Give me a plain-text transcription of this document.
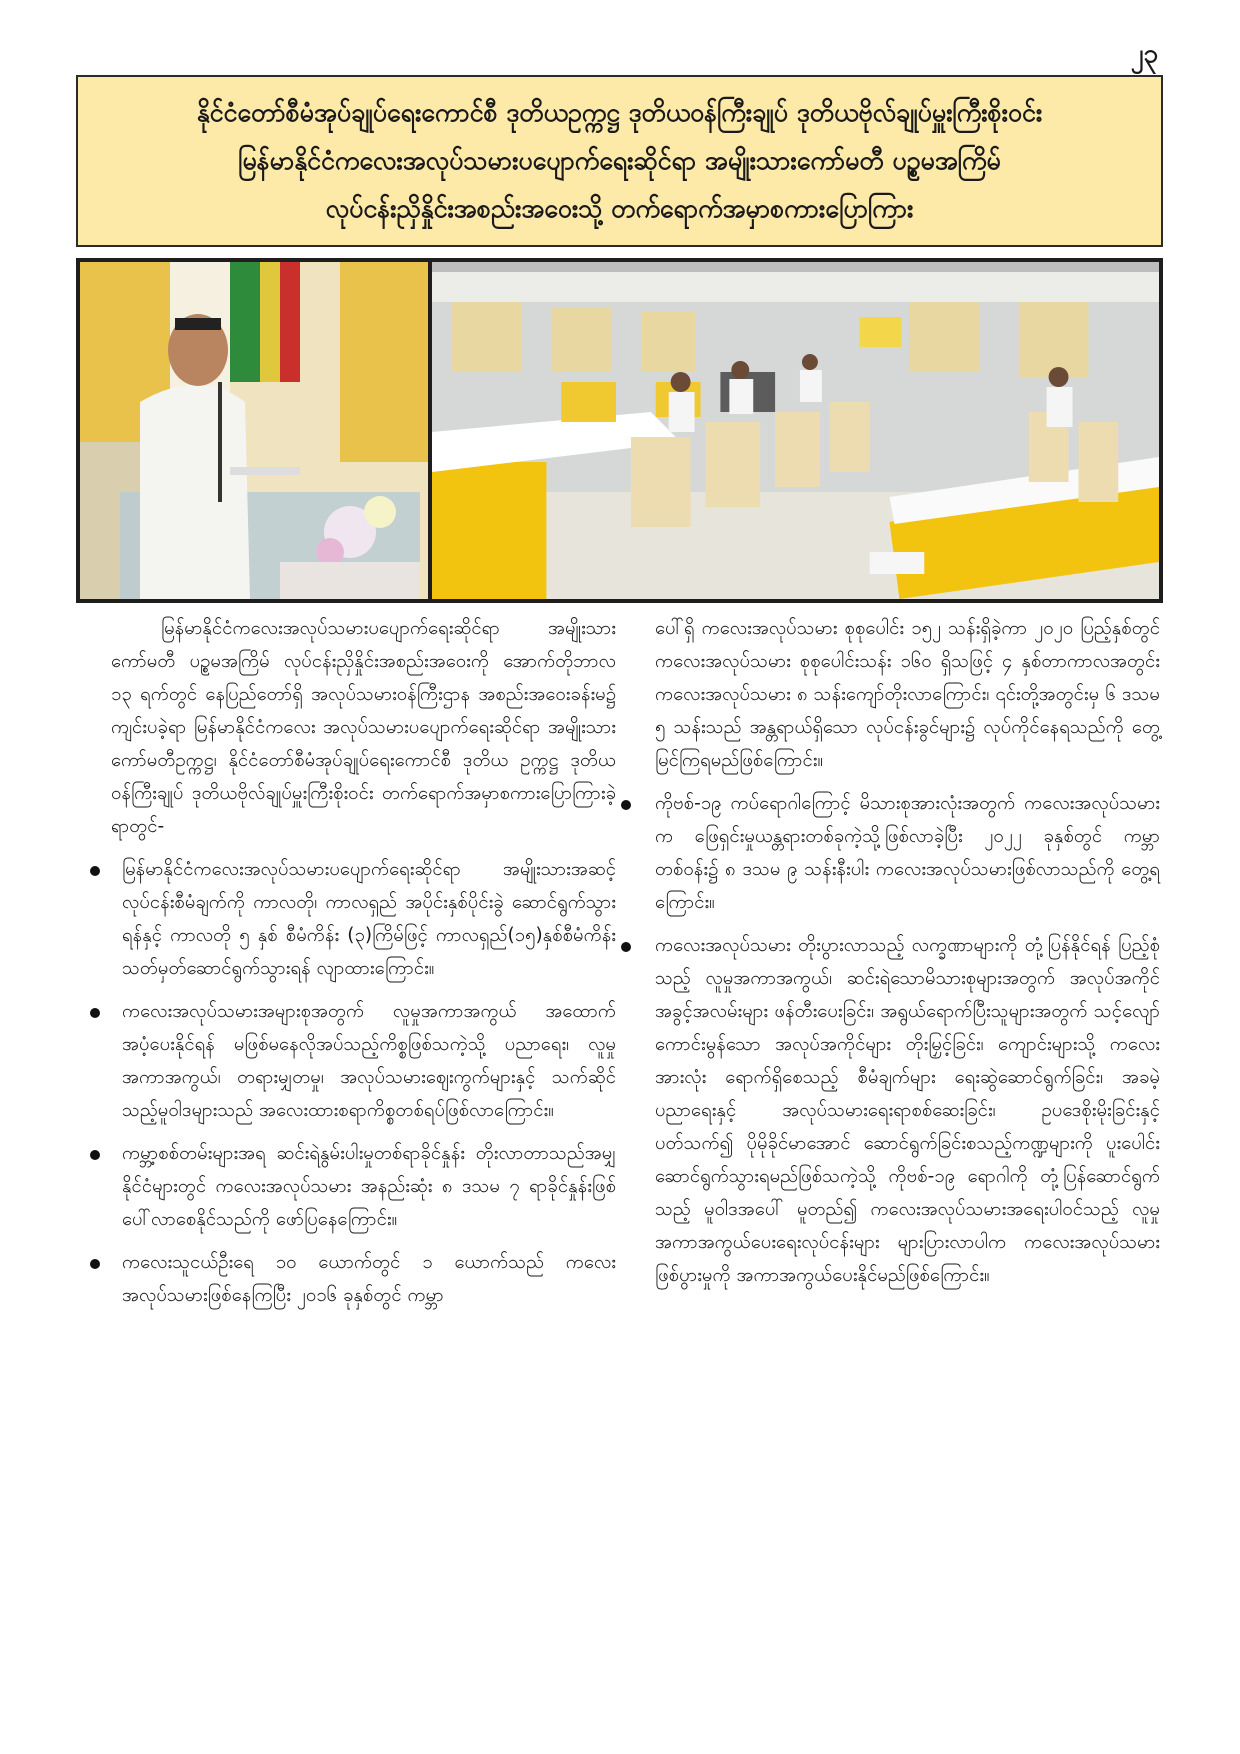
၂၃
နိုင်ငံတော်စီမံအုပ်ချုပ်ရေးကောင်စီ ဒုတိယဥက္ကဋ္ဌ ဒုတိယဝန်ကြီးချုပ် ဒုတိယဗိုလ်ချုပ်မှူးကြီးစိုးဝင်း
မြန်မာနိုင်ငံကလေးအလုပ်သမားပပျောက်ရေးဆိုင်ရာ အမျိုးသားကော်မတီ ပဉ္စမအကြိမ်
လုပ်ငန်းညှိနှိုင်းအစည်းအဝေးသို့ တက်ရောက်အမှာစကားပြောကြား

မြန်မာနိုင်ငံကလေးအလုပ်သမားပပျောက်ရေးဆိုင်ရာ အမျိုးသားကော်မတီ ပဉ္စမအကြိမ် လုပ်ငန်းညှိနှိုင်းအစည်းအဝေးကို အောက်တိုဘာလ ၁၃ ရက်တွင် နေပြည်တော်ရှိ အလုပ်သမားဝန်ကြီးဌာန အစည်းအဝေးခန်းမ၌ ကျင်းပခဲ့ရာ မြန်မာနိုင်ငံကလေး အလုပ်သမားပပျောက်ရေးဆိုင်ရာ အမျိုးသားကော်မတီဥက္ကဋ္ဌ၊ နိုင်ငံတော်စီမံအုပ်ချုပ်ရေးကောင်စီ ဒုတိယ ဥက္ကဋ္ဌ ဒုတိယဝန်ကြီးချုပ် ဒုတိယဗိုလ်ချုပ်မှူးကြီးစိုးဝင်း တက်ရောက်အမှာစကားပြောကြားခဲ့ရာတွင်-

မြန်မာနိုင်ငံကလေးအလုပ်သမားပပျောက်ရေးဆိုင်ရာ အမျိုးသားအဆင့်လုပ်ငန်းစီမံချက်ကို ကာလတို၊ ကာလရှည် အပိုင်းနှစ်ပိုင်းခွဲ ဆောင်ရွက်သွားရန်နှင့် ကာလတို ၅ နှစ် စီမံကိန်း (၃)ကြိမ်ဖြင့် ကာလရှည်(၁၅)နှစ်စီမံကိန်း သတ်မှတ်ဆောင်ရွက်သွားရန် လျာထားကြောင်း။
ကလေးအလုပ်သမားအများစုအတွက် လူမှုအကာအကွယ် အထောက်အပံ့ပေးနိုင်ရန် မဖြစ်မနေလိုအပ်သည့်ကိစ္စဖြစ်သကဲ့သို့ ပညာရေး၊ လူမှုအကာအကွယ်၊ တရားမျှတမှု၊ အလုပ်သမားဈေးကွက်များနှင့် သက်ဆိုင်သည့်မူဝါဒများသည် အလေးထားစရာကိစ္စတစ်ရပ်ဖြစ်လာကြောင်း။
ကမ္ဘာ့စစ်တမ်းများအရ ဆင်းရဲနွမ်းပါးမှုတစ်ရာခိုင်နှုန်း တိုးလာတာသည်အမျှ နိုင်ငံများတွင် ကလေးအလုပ်သမား အနည်းဆုံး ၈ ဒသမ ၇ ရာခိုင်နှုန်းဖြစ် ပေါ်လာစေနိုင်သည်ကို ဖော်ပြနေကြောင်း။
ကလေးသူငယ်ဦးရေ ၁၀ ယောက်တွင် ၁ ယောက်သည် ကလေးအလုပ်သမားဖြစ်နေကြပြီး ၂၀၁၆ ခုနှစ်တွင် ကမ္ဘာ

ပေါ်ရှိ ကလေးအလုပ်သမား စုစုပေါင်း ၁၅၂ သန်းရှိခဲ့ကာ ၂၀၂၀ ပြည့်နှစ်တွင် ကလေးအလုပ်သမား စုစုပေါင်းသန်း ၁၆၀ ရှိသဖြင့် ၄ နှစ်တာကာလအတွင်း ကလေးအလုပ်သမား ၈ သန်းကျော်တိုးလာကြောင်း၊ ၎င်းတို့အတွင်းမှ ၆ ဒသမ ၅ သန်းသည် အန္တရာယ်ရှိသော လုပ်ငန်းခွင်များ၌ လုပ်ကိုင်နေရသည်ကို တွေ့မြင်ကြရမည်ဖြစ်ကြောင်း။

ကိုဗစ်-၁၉ ကပ်ရောဂါကြောင့် မိသားစုအားလုံးအတွက် ကလေးအလုပ်သမားက ဖြေရှင်းမှုယန္တရားတစ်ခုကဲ့သို့ဖြစ်လာခဲ့ပြီး ၂၀၂၂ ခုနှစ်တွင် ကမ္ဘာ တစ်ဝန်း၌ ၈ ဒသမ ၉ သန်းနီးပါး ကလေးအလုပ်သမားဖြစ်လာသည်ကို တွေ့ရကြောင်း။
ကလေးအလုပ်သမား တိုးပွားလာသည့် လက္ခဏာများကို တုံ့ပြန်နိုင်ရန် ပြည့်စုံသည့် လူမှုအကာအကွယ်၊ ဆင်းရဲသောမိသားစုများအတွက် အလုပ်အကိုင်အခွင့်အလမ်းများ ဖန်တီးပေးခြင်း၊ အရွယ်ရောက်ပြီးသူများအတွက် သင့်လျော်ကောင်းမွန်သော အလုပ်အကိုင်များ တိုးမြှင့်ခြင်း၊ ကျောင်းများသို့ ကလေးအားလုံး ရောက်ရှိစေသည့် စီမံချက်များ ရေးဆွဲဆောင်ရွက်ခြင်း၊ အခမဲ့ပညာရေးနှင့် အလုပ်သမားရေးရာစစ်ဆေးခြင်း၊ ဥပဒေစိုးမိုးခြင်းနှင့် ပတ်သက်၍ ပိုမိုခိုင်မာအောင် ဆောင်ရွက်ခြင်းစသည့်ကဏ္ဍများကို ပူးပေါင်းဆောင်ရွက်သွားရမည်ဖြစ်သကဲ့သို့ ကိုဗစ်-၁၉ ရောဂါကို တုံ့ပြန်ဆောင်ရွက်သည့် မူဝါဒအပေါ် မူတည်၍ ကလေးအလုပ်သမားအရေးပါဝင်သည့် လူမှုအကာအကွယ်ပေးရေးလုပ်ငန်းများ များပြားလာပါက ကလေးအလုပ်သမားဖြစ်ပွားမှုကို အကာအကွယ်ပေးနိုင်မည်ဖြစ်ကြောင်း။
